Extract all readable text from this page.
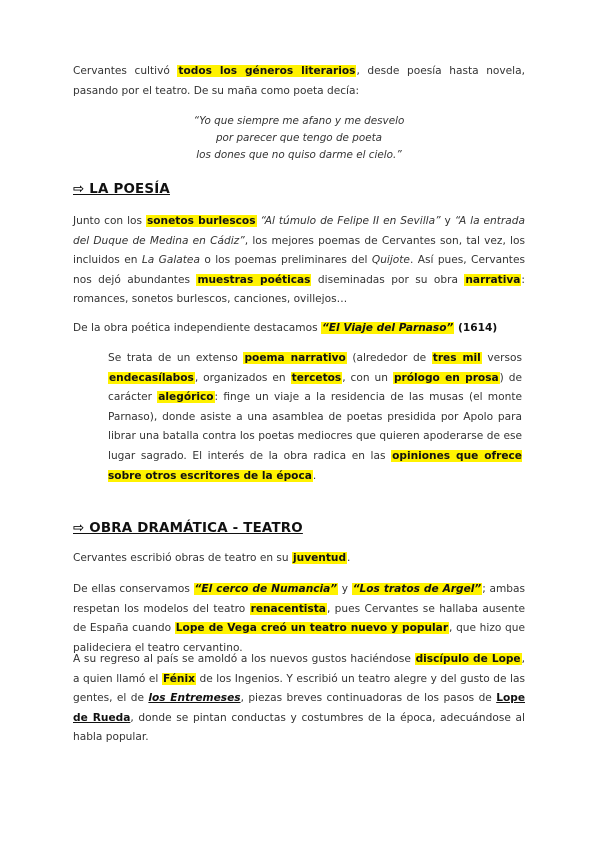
Cervantes cultivó todos los géneros literarios, desde poesía hasta novela, pasando por el teatro. De su maña como poeta decía:

“Yo que siempre me afano y me desvelo
por parecer que tengo de poeta
los dones que no quiso darme el cielo.”
⇨ LA POESÍA

Junto con los sonetos burlescos “Al túmulo de Felipe II en Sevilla” y “A la entrada del Duque de Medina en Cádiz”, los mejores poemas de Cervantes son, tal vez, los incluidos en La Galatea o los poemas preliminares del Quijote. Así pues, Cervantes nos dejó abundantes muestras poéticas diseminadas por su obra narrativa: romances, sonetos burlescos, canciones, ovillejos…

De la obra poética independiente destacamos “El Viaje del Parnaso” (1614)

Se trata de un extenso poema narrativo (alrededor de tres mil versos endecasílabos, organizados en tercetos, con un prólogo en prosa) de carácter alegórico: finge un viaje a la residencia de las musas (el monte Parnaso), donde asiste a una asamblea de poetas presidida por Apolo para librar una batalla contra los poetas mediocres que quieren apoderarse de ese lugar sagrado. El interés de la obra radica en las opiniones que ofrece sobre otros escritores de la época.

⇨ OBRA DRAMÁTICA - TEATRO

Cervantes escribió obras de teatro en su juventud.

De ellas conservamos “El cerco de Numancia” y “Los tratos de Argel”; ambas respetan los modelos del teatro renacentista, pues Cervantes se hallaba ausente de España cuando Lope de Vega creó un teatro nuevo y popular, que hizo que palideciera el teatro cervantino.

A su regreso al país se amoldó a los nuevos gustos haciéndose discípulo de Lope, a quien llamó el Fénix de los Ingenios. Y escribió un teatro alegre y del gusto de las gentes, el de los Entremeses, piezas breves continuadoras de los pasos de Lope de Rueda, donde se pintan conductas y costumbres de la época, adecuándose al habla popular.
